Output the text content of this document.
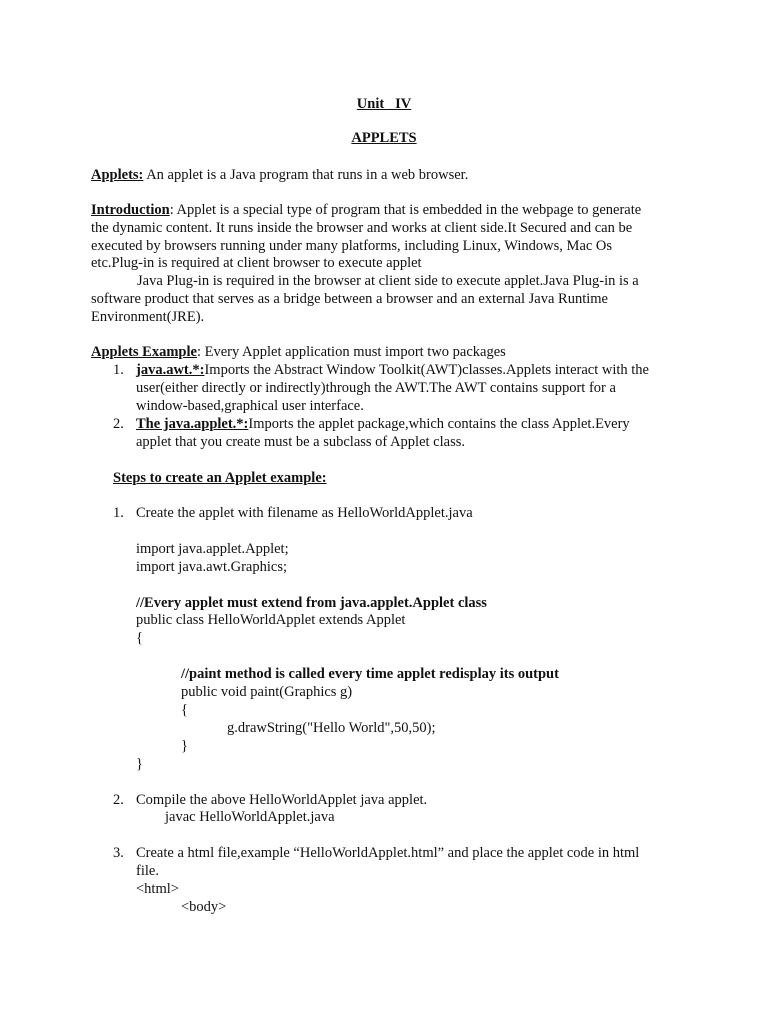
Unit _IV
APPLETS
Applets: An applet is a Java program that runs in a web browser.
Introduction: Applet is a special type of program that is embedded in the webpage to generate
the dynamic content. It runs inside the browser and works at client side.It Secured and can be
executed by browsers running under many platforms, including Linux, Windows, Mac Os
etc.Plug-in is required at client browser to execute applet
Java Plug-in is required in the browser at client side to execute applet.Java Plug-in is a
software product that serves as a bridge between a browser and an external Java Runtime
Environment(JRE).
Applets Example: Every Applet application must import two packages
1. java.awt.*:Imports the Abstract Window Toolkit(AWT)classes.Applets interact with the
user(either directly or indirectly)through the AWT.The AWT contains support for a
window-based,graphical user interface.
2. The java.applet.*:Imports the applet package,which contains the class Applet.Every
applet that you create must be a subclass of Applet class.
Steps to create an Applet example:
1. Create the applet with filename as HelloWorldApplet.java
import java.applet.Applet;
import java.awt.Graphics;
//Every applet must extend from java.applet.Applet class
public class HelloWorldApplet extends Applet
{
//paint method is called every time applet redisplay its output
public void paint(Graphics g)
{
g.drawString("Hello World",50,50);
}
}
2. Compile the above HelloWorldApplet java applet.
javac HelloWorldApplet.java
3. Create a html file,example “HelloWorldApplet.html” and place the applet code in html
file.
<html>
<body>
